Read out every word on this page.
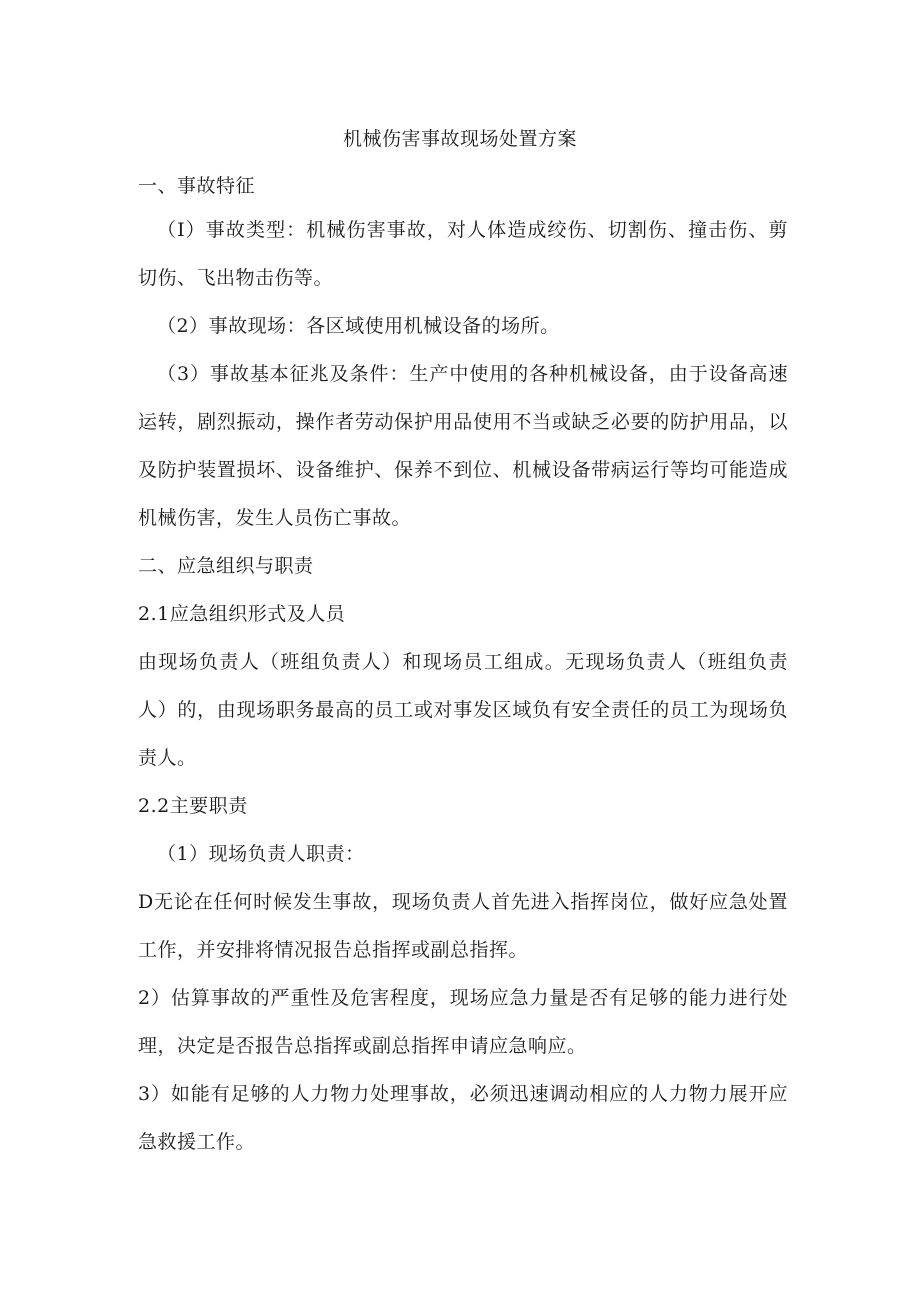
机械伤害事故现场处置方案

一、事故特征

（I）事故类型：机械伤害事故，对人体造成绞伤、切割伤、撞击伤、剪切伤、飞出物击伤等。

（2）事故现场：各区域使用机械设备的场所。

（3）事故基本征兆及条件：生产中使用的各种机械设备，由于设备高速运转，剧烈振动，操作者劳动保护用品使用不当或缺乏必要的防护用品，以及防护装置损坏、设备维护、保养不到位、机械设备带病运行等均可能造成机械伤害，发生人员伤亡事故。

二、应急组织与职责

2.1应急组织形式及人员

由现场负责人（班组负责人）和现场员工组成。无现场负责人（班组负责人）的，由现场职务最高的员工或对事发区域负有安全责任的员工为现场负责人。

2.2主要职责

（1）现场负责人职责：

D无论在任何时候发生事故，现场负责人首先进入指挥岗位，做好应急处置工作，并安排将情况报告总指挥或副总指挥。

2）估算事故的严重性及危害程度，现场应急力量是否有足够的能力进行处理，决定是否报告总指挥或副总指挥申请应急响应。

3）如能有足够的人力物力处理事故，必须迅速调动相应的人力物力展开应急救援工作。
